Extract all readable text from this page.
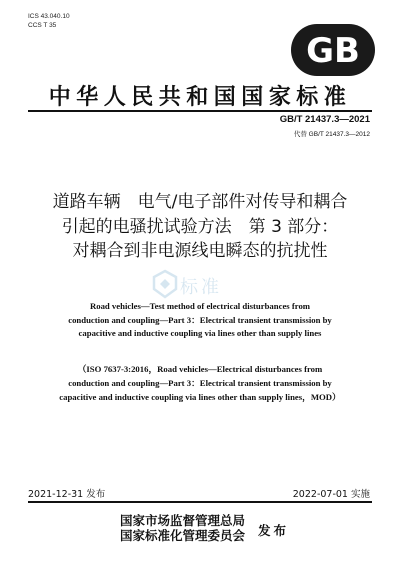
ICS 43.040.10
CCS T 35
GB
中华人民共和国国家标准
GB/T 21437.3—2021
代替 GB/T 21437.3—2012
道路车辆　电气/电子部件对传导和耦合
引起的电骚扰试验方法　第 3 部分：
对耦合到非电源线电瞬态的抗扰性
标准
Road vehicles—Test method of electrical disturbances from
conduction and coupling—Part 3：Electrical transient transmission by
capacitive and inductive coupling via lines other than supply lines
（ISO 7637-3:2016，Road vehicles—Electrical disturbances from
conduction and coupling—Part 3：Electrical transient transmission by
capacitive and inductive coupling via lines other than supply lines，MOD）
2021-12-31 发布	2022-07-01 实施
国家市场监督管理总局
国家标准化管理委员会 发布
